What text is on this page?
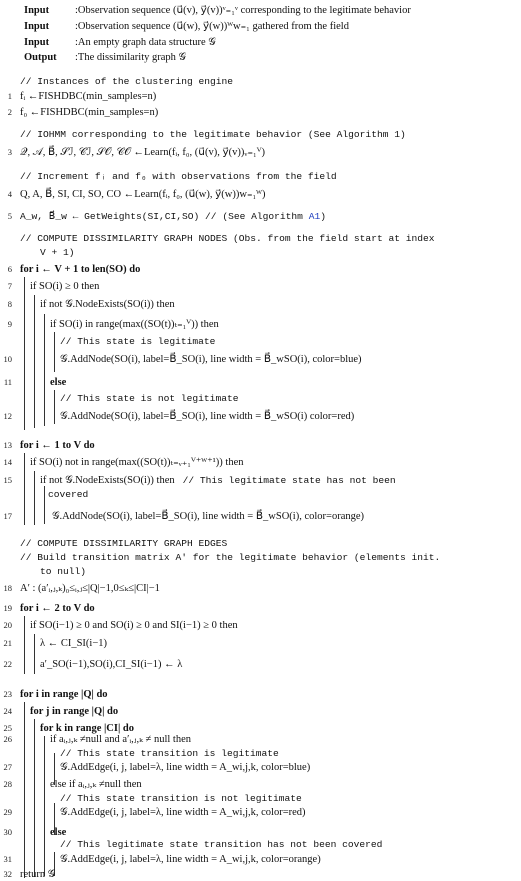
Input :Observation sequence (u⃗(v), y⃗(v))ᵛ₌₁ᵛ corresponding to the legitimate behavior
Input :Observation sequence (u⃗(w), y⃗(w))ᵂw₌₁ gathered from the field
Input :An empty graph data structure 𝒢
Output :The dissimilarity graph 𝒢
// Instances of the clustering engine
1 fᵢ ←FISHDBC(min_samples=n)
2 f₀ ←FISHDBC(min_samples=n)
// IOHMM corresponding to the legitimate behavior (See Algorithm 1)
3 𝒬, 𝒜, B⃗, 𝒮ℐ, 𝒞ℐ, 𝒮𝒪, 𝒞𝒪 ←Learn(fᵢ, f₀, (u⃗(v), y⃗(v))ᵥ₌₁ⱽ)
// Increment fᵢ and f₀ with observations from the field
4 Q, A, B⃗, SI, CI, SO, CO ←Learn(fᵢ, f₀, (u⃗(w), y⃗(w))w₌₁ᵂ)
5 A_w, B⃗_w ← GetWeights(SI,CI,SO) // (See Algorithm A1)
// COMPUTE DISSIMILARITY GRAPH NODES (Obs. from the field start at index
V + 1)
6 for i ← V + 1 to len(SO) do
7 if SO(i) ≥ 0 then
8	if not 𝒢.NodeExists(SO(i)) then
9	if SO(i) in range(max((SO(t))ₜ₌₁ⱽ)) then
// This state is legitimate
10	𝒢.AddNode(SO(i), label=B⃗_SO(i), line width = B⃗_wSO(i), color=blue)
11	else
// This state is not legitimate
12	𝒢.AddNode(SO(i), label=B⃗_SO(i), line width = B⃗_wSO(i) color=red)
13 for i ← 1 to V do
14 if SO(i) not in range(max((SO(t))ₜ₌ᵥ₊₁ⱽ⁺ᵂ⁺¹)) then
15	if not 𝒢.NodeExists(SO(i)) then // This legitimate state has not been
covered
17	𝒢.AddNode(SO(i), label=B⃗_SO(i), line width = B⃗_wSO(i), color=orange)
// COMPUTE DISSIMILARITY GRAPH EDGES
// Build transition matrix A′ for the legitimate behavior (elements init.
to null)
18 A′ : (a′ᵢ,ⱼ,ₖ)₀≤ᵢ,ⱼ≤|Q|−1,0≤ₖ≤|CI|−1
19 for i ← 2 to V do
20 if SO(i−1) ≥ 0 and SO(i) ≥ 0 and SI(i−1) ≥ 0 then
21	λ ← CI_SI(i−1)
22	a′_SO(i−1),SO(i),CI_SI(i−1) ← λ
23 for i in range |Q| do
24 for j in range |Q| do
25	for k in range |CI| do
26	if aᵢ,ⱼ,ₖ ≠null and a′ᵢ,ⱼ,ₖ ≠ null then
// This state transition is legitimate
27	𝒢.AddEdge(i, j, label=λ, line width = A_wi,j,k, color=blue)
28	else if aᵢ,ⱼ,ₖ ≠null then
// This state transition is not legitimate
29	𝒢.AddEdge(i, j, label=λ, line width = A_wi,j,k, color=red)
30	else
// This legitimate state transition has not been covered
31	𝒢.AddEdge(i, j, label=λ, line width = A_wi,j,k, color=orange)
32 return 𝒢
